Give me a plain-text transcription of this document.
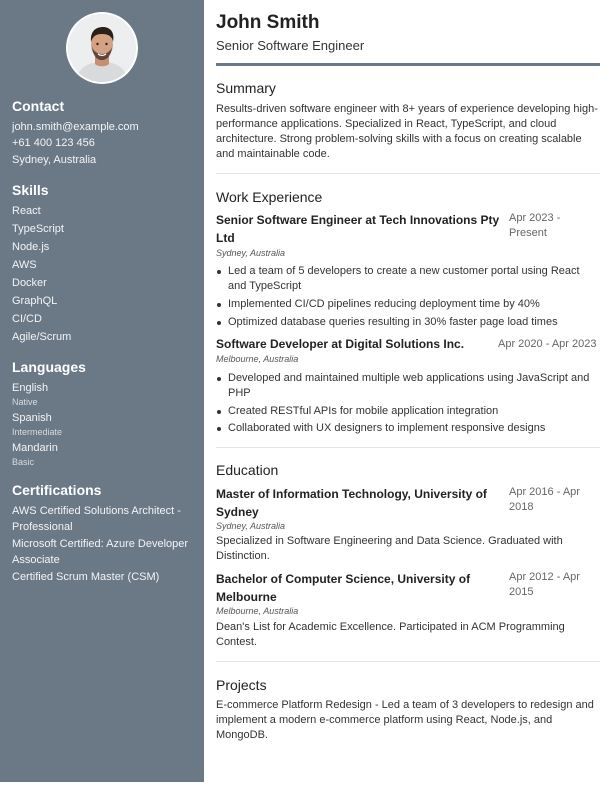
Contact
john.smith@example.com
+61 400 123 456
Sydney, Australia
Skills
React
TypeScript
Node.js
AWS
Docker
GraphQL
CI/CD
Agile/Scrum
Languages
English
Native
Spanish
Intermediate
Mandarin
Basic
Certifications
AWS Certified Solutions Architect -
Professional
Microsoft Certified: Azure Developer
Associate
Certified Scrum Master (CSM)
John Smith
Senior Software Engineer
Summary
Results-driven software engineer with 8+ years of experience developing high-performance applications. Specialized in React, TypeScript, and cloud architecture. Strong problem-solving skills with a focus on creating scalable and maintainable code.
Work Experience
Senior Software Engineer at Tech Innovations Pty Ltd
Apr 2023 - Present
Sydney, Australia
Led a team of 5 developers to create a new customer portal using React and TypeScript
Implemented CI/CD pipelines reducing deployment time by 40%
Optimized database queries resulting in 30% faster page load times
Software Developer at Digital Solutions Inc.	Apr 2020 - Apr 2023
Melbourne, Australia
Developed and maintained multiple web applications using JavaScript and PHP
Created RESTful APIs for mobile application integration
Collaborated with UX designers to implement responsive designs
Education
Master of Information Technology, University of Sydney
Apr 2016 - Apr 2018
Sydney, Australia
Specialized in Software Engineering and Data Science. Graduated with Distinction.
Bachelor of Computer Science, University of Melbourne
Apr 2012 - Apr 2015
Melbourne, Australia
Dean's List for Academic Excellence. Participated in ACM Programming Contest.
Projects
E-commerce Platform Redesign - Led a team of 3 developers to redesign and implement a modern e-commerce platform using React, Node.js, and MongoDB.
